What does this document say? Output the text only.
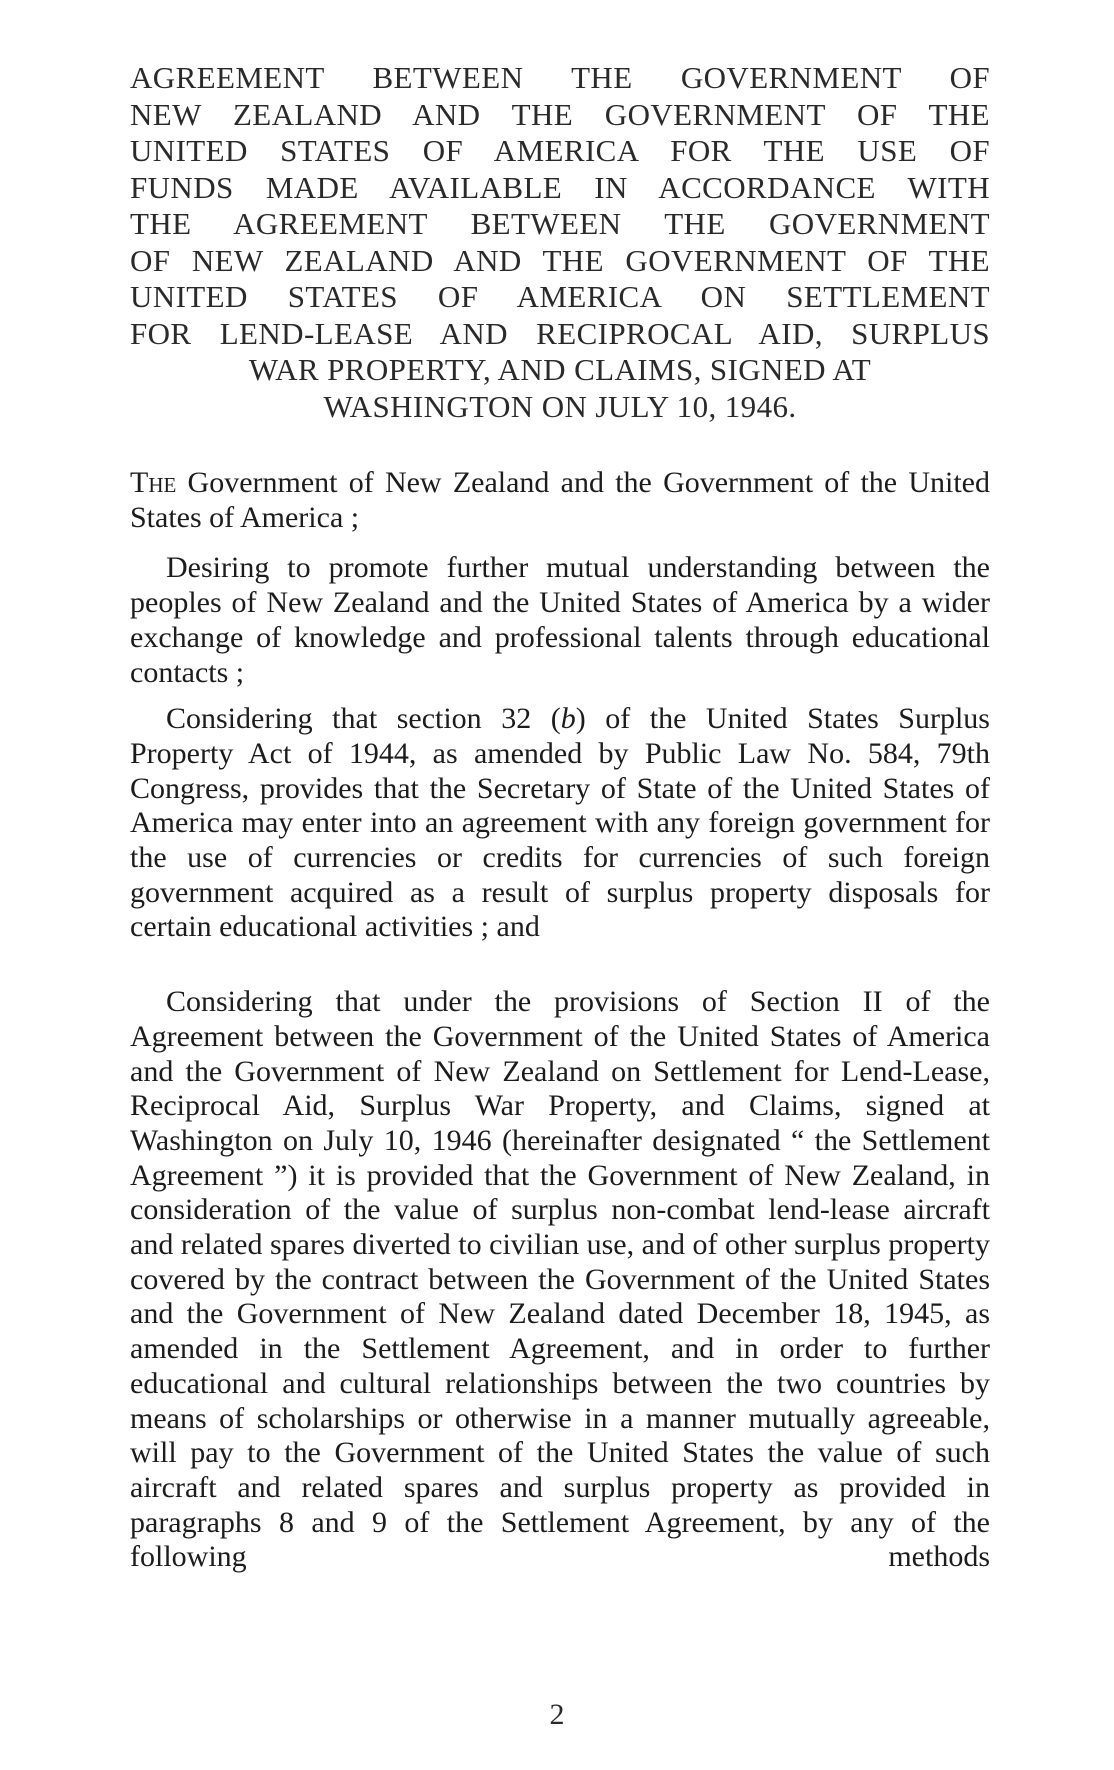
AGREEMENT BETWEEN THE GOVERNMENT OF
NEW ZEALAND AND THE GOVERNMENT OF THE
UNITED STATES OF AMERICA FOR THE USE OF
FUNDS MADE AVAILABLE IN ACCORDANCE WITH
THE AGREEMENT BETWEEN THE GOVERNMENT
OF NEW ZEALAND AND THE GOVERNMENT OF THE
UNITED STATES OF AMERICA ON SETTLEMENT
FOR LEND-LEASE AND RECIPROCAL AID, SURPLUS
WAR PROPERTY, AND CLAIMS, SIGNED AT
WASHINGTON ON JULY 10, 1946.

The Government of New Zealand and the Government of the United States of America ;

Desiring to promote further mutual understanding between the peoples of New Zealand and the United States of America by a wider exchange of knowledge and professional talents through educational contacts ;

Considering that section 32 (b) of the United States Surplus Property Act of 1944, as amended by Public Law No. 584, 79th Congress, provides that the Secretary of State of the United States of America may enter into an agreement with any foreign government for the use of currencies or credits for currencies of such foreign government acquired as a result of surplus property disposals for certain educational activities ; and

Considering that under the provisions of Section II of the Agreement between the Government of the United States of America and the Government of New Zealand on Settlement for Lend-Lease, Reciprocal Aid, Surplus War Property, and Claims, signed at Washington on July 10, 1946 (hereinafter designated “ the Settlement Agreement ”) it is provided that the Government of New Zealand, in consideration of the value of surplus non-combat lend-lease aircraft and related spares diverted to civilian use, and of other surplus property covered by the contract between the Government of the United States and the Government of New Zealand dated December 18, 1945, as amended in the Settlement Agreement, and in order to further educational and cultural relationships between the two countries by means of scholarships or otherwise in a manner mutually agreeable, will pay to the Government of the United States the value of such aircraft and related spares and surplus property as provided in paragraphs 8 and 9 of the Settlement Agreement, by any of the following methods

2
